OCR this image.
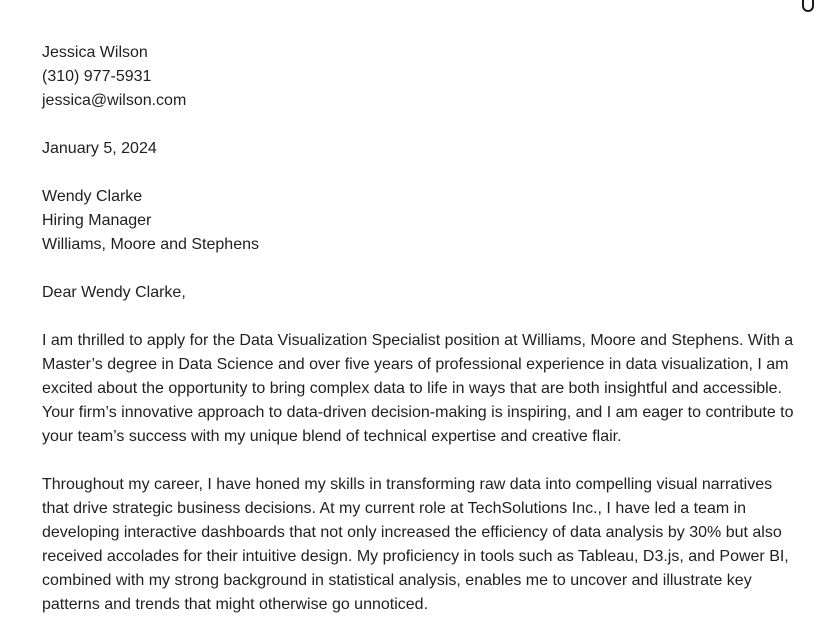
Jessica Wilson

(310) 977-5931

jessica@wilson.com

January 5, 2024

Wendy Clarke

Hiring Manager

Williams, Moore and Stephens

Dear Wendy Clarke,

I am thrilled to apply for the Data Visualization Specialist position at Williams, Moore and Stephens. With a Master’s degree in Data Science and over five years of professional experience in data visualization, I am excited about the opportunity to bring complex data to life in ways that are both insightful and accessible. Your firm’s innovative approach to data-driven decision-making is inspiring, and I am eager to contribute to your team’s success with my unique blend of technical expertise and creative flair.

Throughout my career, I have honed my skills in transforming raw data into compelling visual narratives that drive strategic business decisions. At my current role at TechSolutions Inc., I have led a team in developing interactive dashboards that not only increased the efficiency of data analysis by 30% but also received accolades for their intuitive design. My proficiency in tools such as Tableau, D3.js, and Power BI, combined with my strong background in statistical analysis, enables me to uncover and illustrate key patterns and trends that might otherwise go unnoticed.
